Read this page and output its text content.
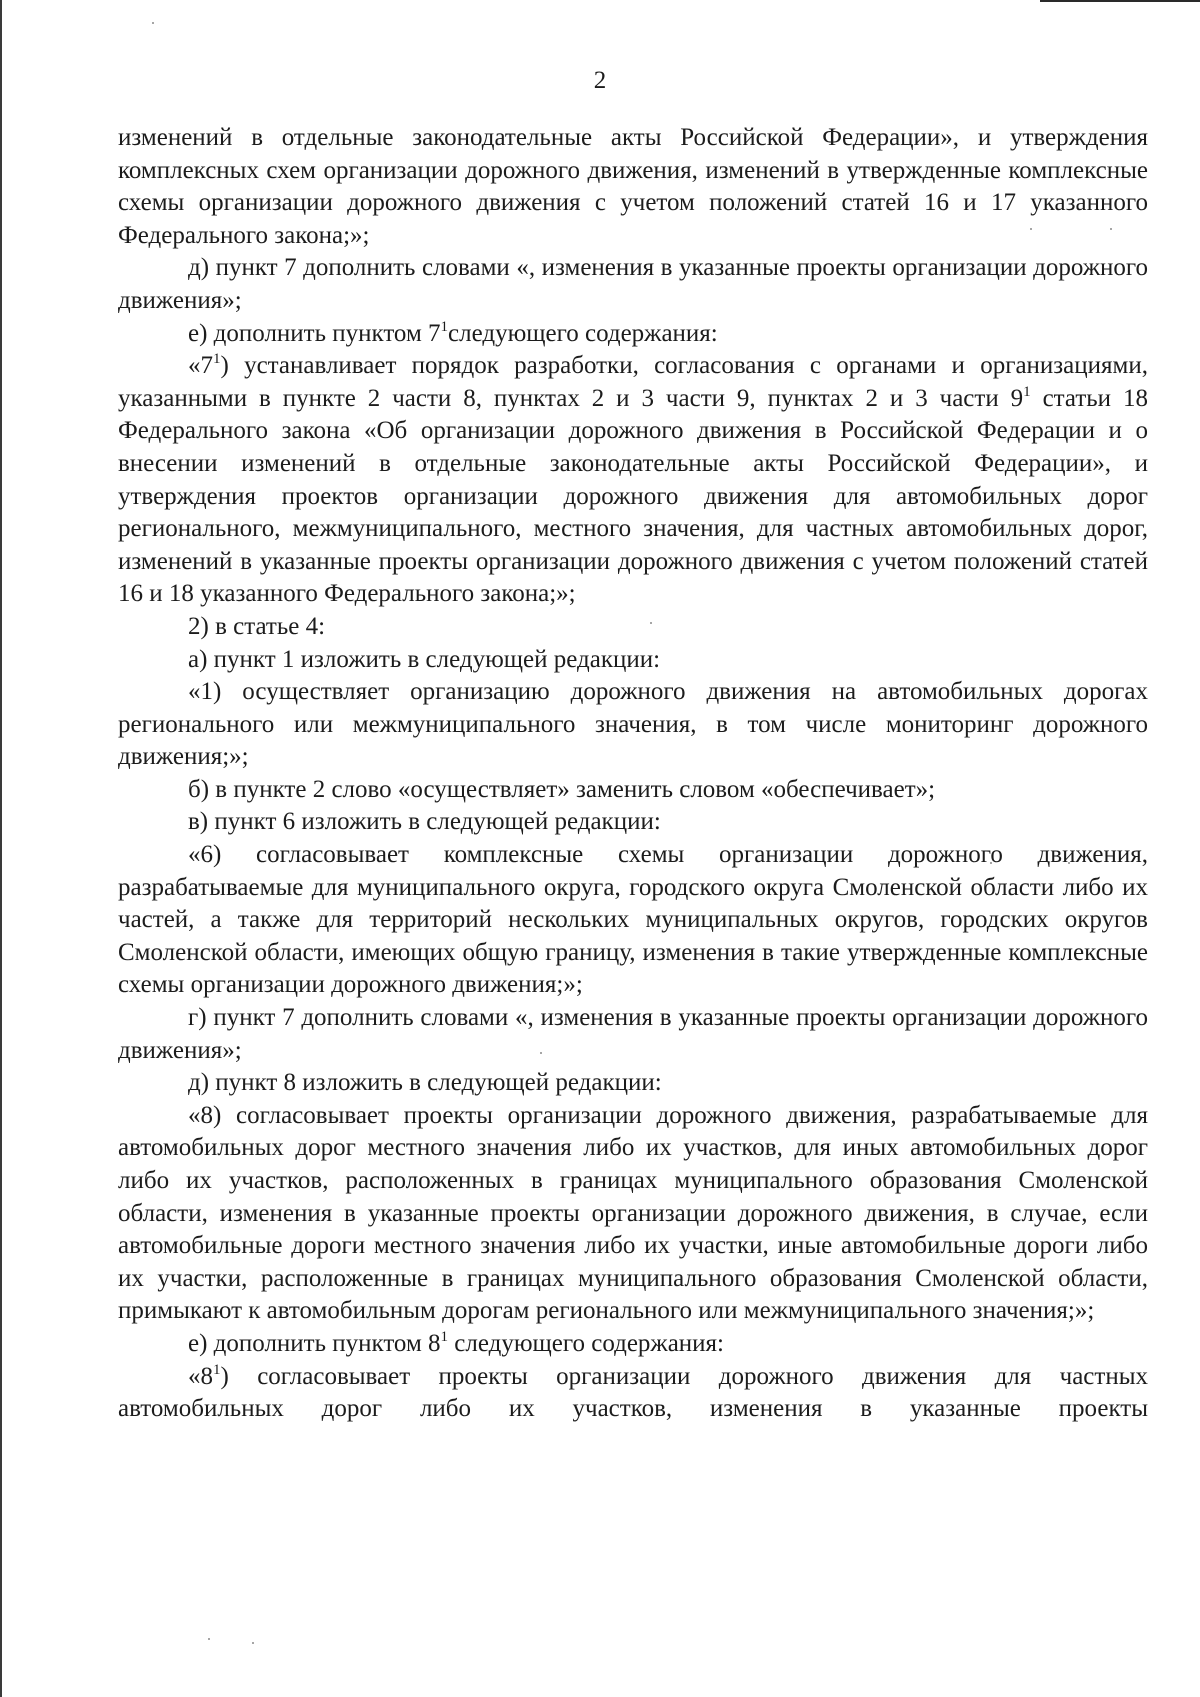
2

изменений в отдельные законодательные акты Российской Федерации», и утверждения комплексных схем организации дорожного движения, изменений в утвержденные комплексные схемы организации дорожного движения с учетом положений статей 16 и 17 указанного Федерального закона;»;

д) пункт 7 дополнить словами «, изменения в указанные проекты организации дорожного движения»;

е) дополнить пунктом $7^1следующего$ содержания:

«$7^1$) устанавливает порядок разработки, согласования с органами и организациями, указанными в пункте 2 части 8, пунктах 2 и 3 части 9, пунктах 2 и 3 части $9^1$ статьи 18 Федерального закона «Об организации дорожного движения в Российской Федерации и о внесении изменений в отдельные законодательные акты Российской Федерации», и утверждения проектов организации дорожного движения для автомобильных дорог регионального, межмуниципального, местного значения, для частных автомобильных дорог, изменений в указанные проекты организации дорожного движения с учетом положений статей 16 и 18 указанного Федерального закона;»;

2) в статье 4:

а) пункт 1 изложить в следующей редакции:

«1) осуществляет организацию дорожного движения на автомобильных дорогах регионального или межмуниципального значения, в том числе мониторинг дорожного движения;»;

б) в пункте 2 слово «осуществляет» заменить словом «обеспечивает»;

в) пункт 6 изложить в следующей редакции:

«6) согласовывает комплексные схемы организации дорожного движения, разрабатываемые для муниципального округа, городского округа Смоленской области либо их частей, а также для территорий нескольких муниципальных округов, городских округов Смоленской области, имеющих общую границу, изменения в такие утвержденные комплексные схемы организации дорожного движения;»;

г) пункт 7 дополнить словами «, изменения в указанные проекты организации дорожного движения»;

д) пункт 8 изложить в следующей редакции:

«8) согласовывает проекты организации дорожного движения, разрабатываемые для автомобильных дорог местного значения либо их участков, для иных автомобильных дорог либо их участков, расположенных в границах муниципального образования Смоленской области, изменения в указанные проекты организации дорожного движения, в случае, если автомобильные дороги местного значения либо их участки, иные автомобильные дороги либо их участки, расположенные в границах муниципального образования Смоленской области, примыкают к автомобильным дорогам регионального или межмуниципального значения;»;

е) дополнить пунктом $8^1$ следующего содержания:

«$8^1$) согласовывает проекты организации дорожного движения для частных автомобильных дорог либо их участков, изменения в указанные проекты
